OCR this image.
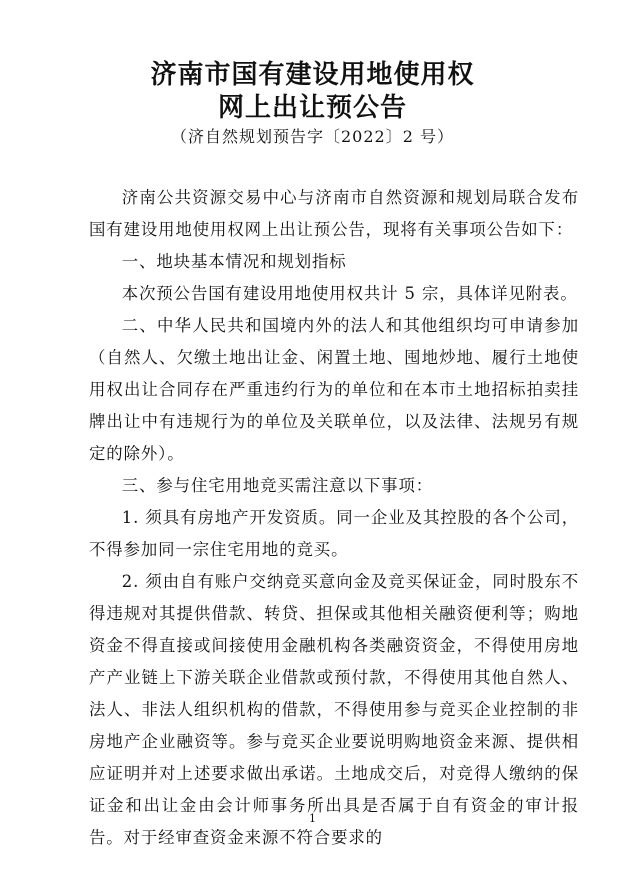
济南市国有建设用地使用权
网上出让预公告
（济自然规划预告字〔2022〕2 号）

济南公共资源交易中心与济南市自然资源和规划局联合发布国有建设用地使用权网上出让预公告，现将有关事项公告如下：

一、地块基本情况和规划指标

本次预公告国有建设用地使用权共计 5 宗，具体详见附表。

二、中华人民共和国境内外的法人和其他组织均可申请参加（自然人、欠缴土地出让金、闲置土地、囤地炒地、履行土地使用权出让合同存在严重违约行为的单位和在本市土地招标拍卖挂牌出让中有违规行为的单位及关联单位，以及法律、法规另有规定的除外）。

三、参与住宅用地竞买需注意以下事项：

1. 须具有房地产开发资质。同一企业及其控股的各个公司，不得参加同一宗住宅用地的竞买。

2. 须由自有账户交纳竞买意向金及竞买保证金，同时股东不得违规对其提供借款、转贷、担保或其他相关融资便利等；购地资金不得直接或间接使用金融机构各类融资资金，不得使用房地产产业链上下游关联企业借款或预付款，不得使用其他自然人、法人、非法人组织机构的借款，不得使用参与竞买企业控制的非房地产企业融资等。参与竞买企业要说明购地资金来源、提供相应证明并对上述要求做出承诺。土地成交后，对竞得人缴纳的保证金和出让金由会计师事务所出具是否属于自有资金的审计报告。对于经审查资金来源不符合要求的

1
